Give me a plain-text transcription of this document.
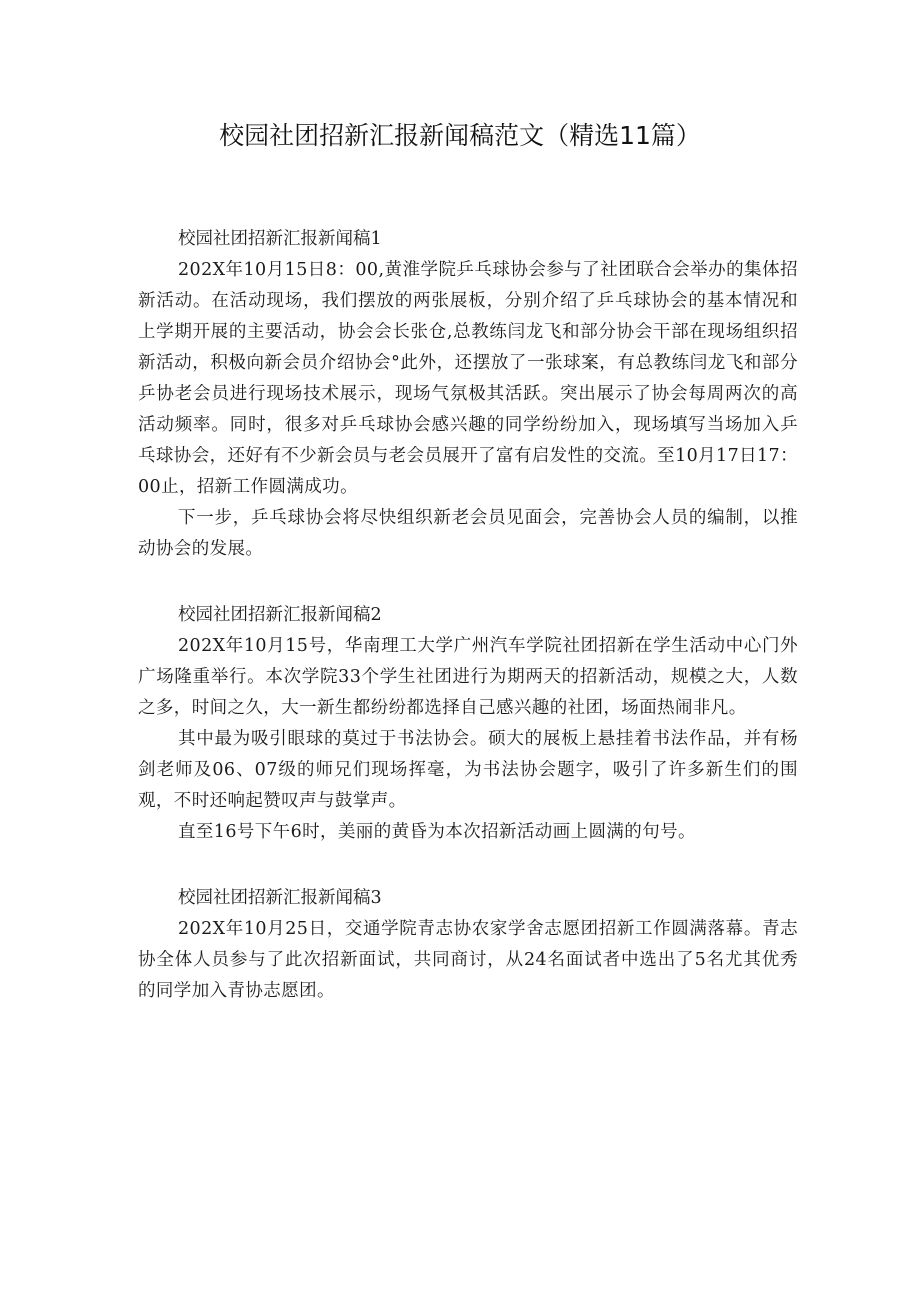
校园社团招新汇报新闻稿范文（精选11篇）
校园社团招新汇报新闻稿1

202X年10月15日8：00,黄淮学院乒乓球协会参与了社团联合会举办的集体招新活动。在活动现场，我们摆放的两张展板，分别介绍了乒乓球协会的基本情况和上学期开展的主要活动，协会会长张仓,总教练闫龙飞和部分协会干部在现场组织招新活动，积极向新会员介绍协会°此外，还摆放了一张球案，有总教练闫龙飞和部分乒协老会员进行现场技术展示，现场气氛极其活跃。突出展示了协会每周两次的高活动频率。同时，很多对乒乓球协会感兴趣的同学纷纷加入，现场填写当场加入乒乓球协会，还好有不少新会员与老会员展开了富有启发性的交流。至10月17日17：00止，招新工作圆满成功。

下一步，乒乓球协会将尽快组织新老会员见面会，完善协会人员的编制，以推动协会的发展。

校园社团招新汇报新闻稿2

202X年10月15号，华南理工大学广州汽车学院社团招新在学生活动中心门外广场隆重举行。本次学院33个学生社团进行为期两天的招新活动，规模之大，人数之多，时间之久，大一新生都纷纷都选择自己感兴趣的社团，场面热闹非凡。

其中最为吸引眼球的莫过于书法协会。硕大的展板上悬挂着书法作品，并有杨剑老师及06、07级的师兄们现场挥毫，为书法协会题字，吸引了许多新生们的围观，不时还响起赞叹声与鼓掌声。

直至16号下午6时，美丽的黄昏为本次招新活动画上圆满的句号。

校园社团招新汇报新闻稿3

202X年10月25日，交通学院青志协农家学舍志愿团招新工作圆满落幕。青志协全体人员参与了此次招新面试，共同商讨，从24名面试者中选出了5名尤其优秀的同学加入青协志愿团。
